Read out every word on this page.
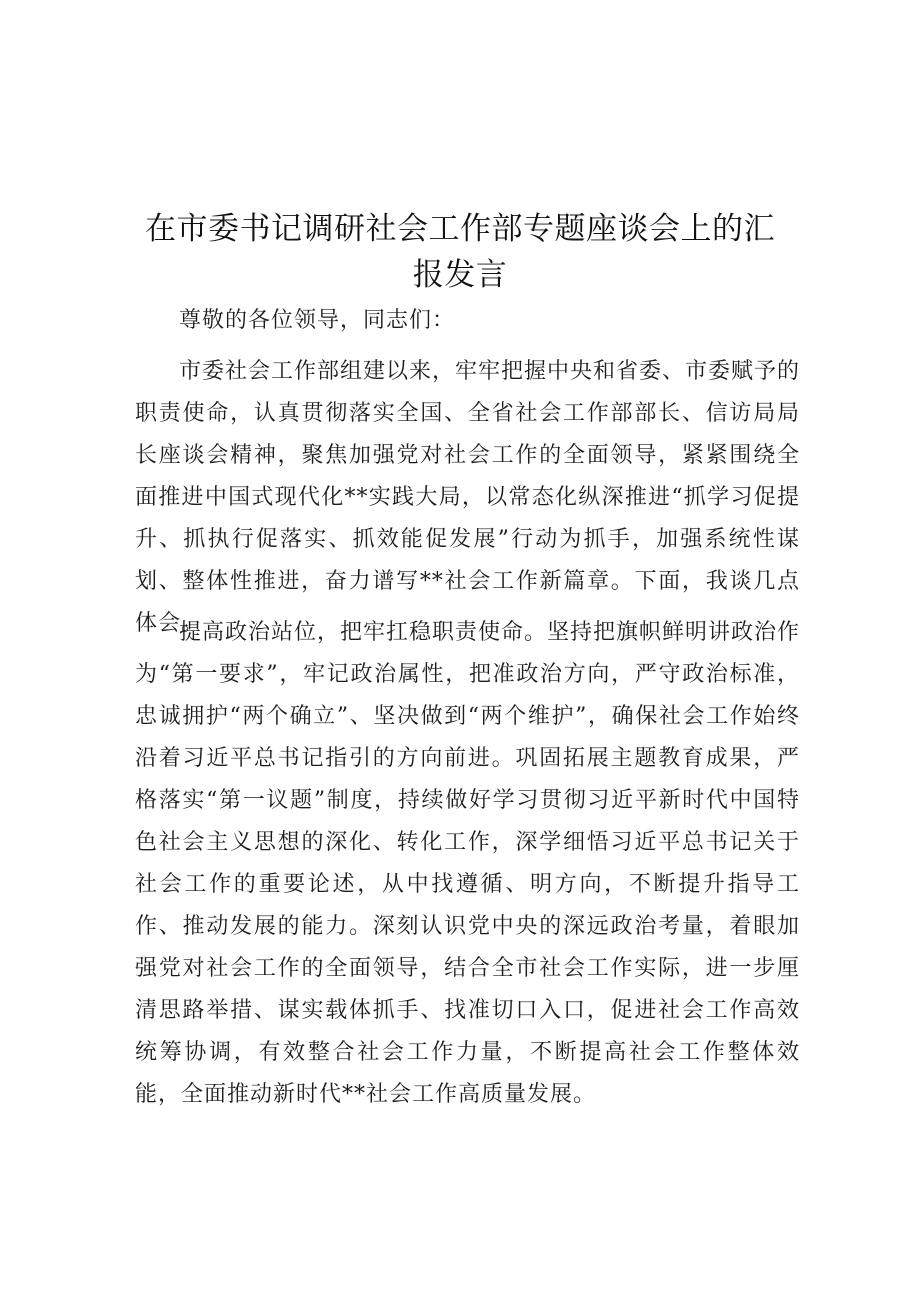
在市委书记调研社会工作部专题座谈会上的汇报发言

尊敬的各位领导，同志们：

市委社会工作部组建以来，牢牢把握中央和省委、市委赋予的职责使命，认真贯彻落实全国、全省社会工作部部长、信访局局长座谈会精神，聚焦加强党对社会工作的全面领导，紧紧围绕全面推进中国式现代化**实践大局，以常态化纵深推进“抓学习促提升、抓执行促落实、抓效能促发展”行动为抓手，加强系统性谋划、整体性推进，奋力谱写**社会工作新篇章。下面，我谈几点体会。

提高政治站位，把牢扛稳职责使命。坚持把旗帜鲜明讲政治作为“第一要求”，牢记政治属性，把准政治方向，严守政治标准，忠诚拥护“两个确立”、坚决做到“两个维护”，确保社会工作始终沿着习近平总书记指引的方向前进。巩固拓展主题教育成果，严格落实“第一议题”制度，持续做好学习贯彻习近平新时代中国特色社会主义思想的深化、转化工作，深学细悟习近平总书记关于社会工作的重要论述，从中找遵循、明方向，不断提升指导工作、推动发展的能力。深刻认识党中央的深远政治考量，着眼加强党对社会工作的全面领导，结合全市社会工作实际，进一步厘清思路举措、谋实载体抓手、找准切口入口，促进社会工作高效统筹协调，有效整合社会工作力量，不断提高社会工作整体效能，全面推动新时代**社会工作高质量发展。
